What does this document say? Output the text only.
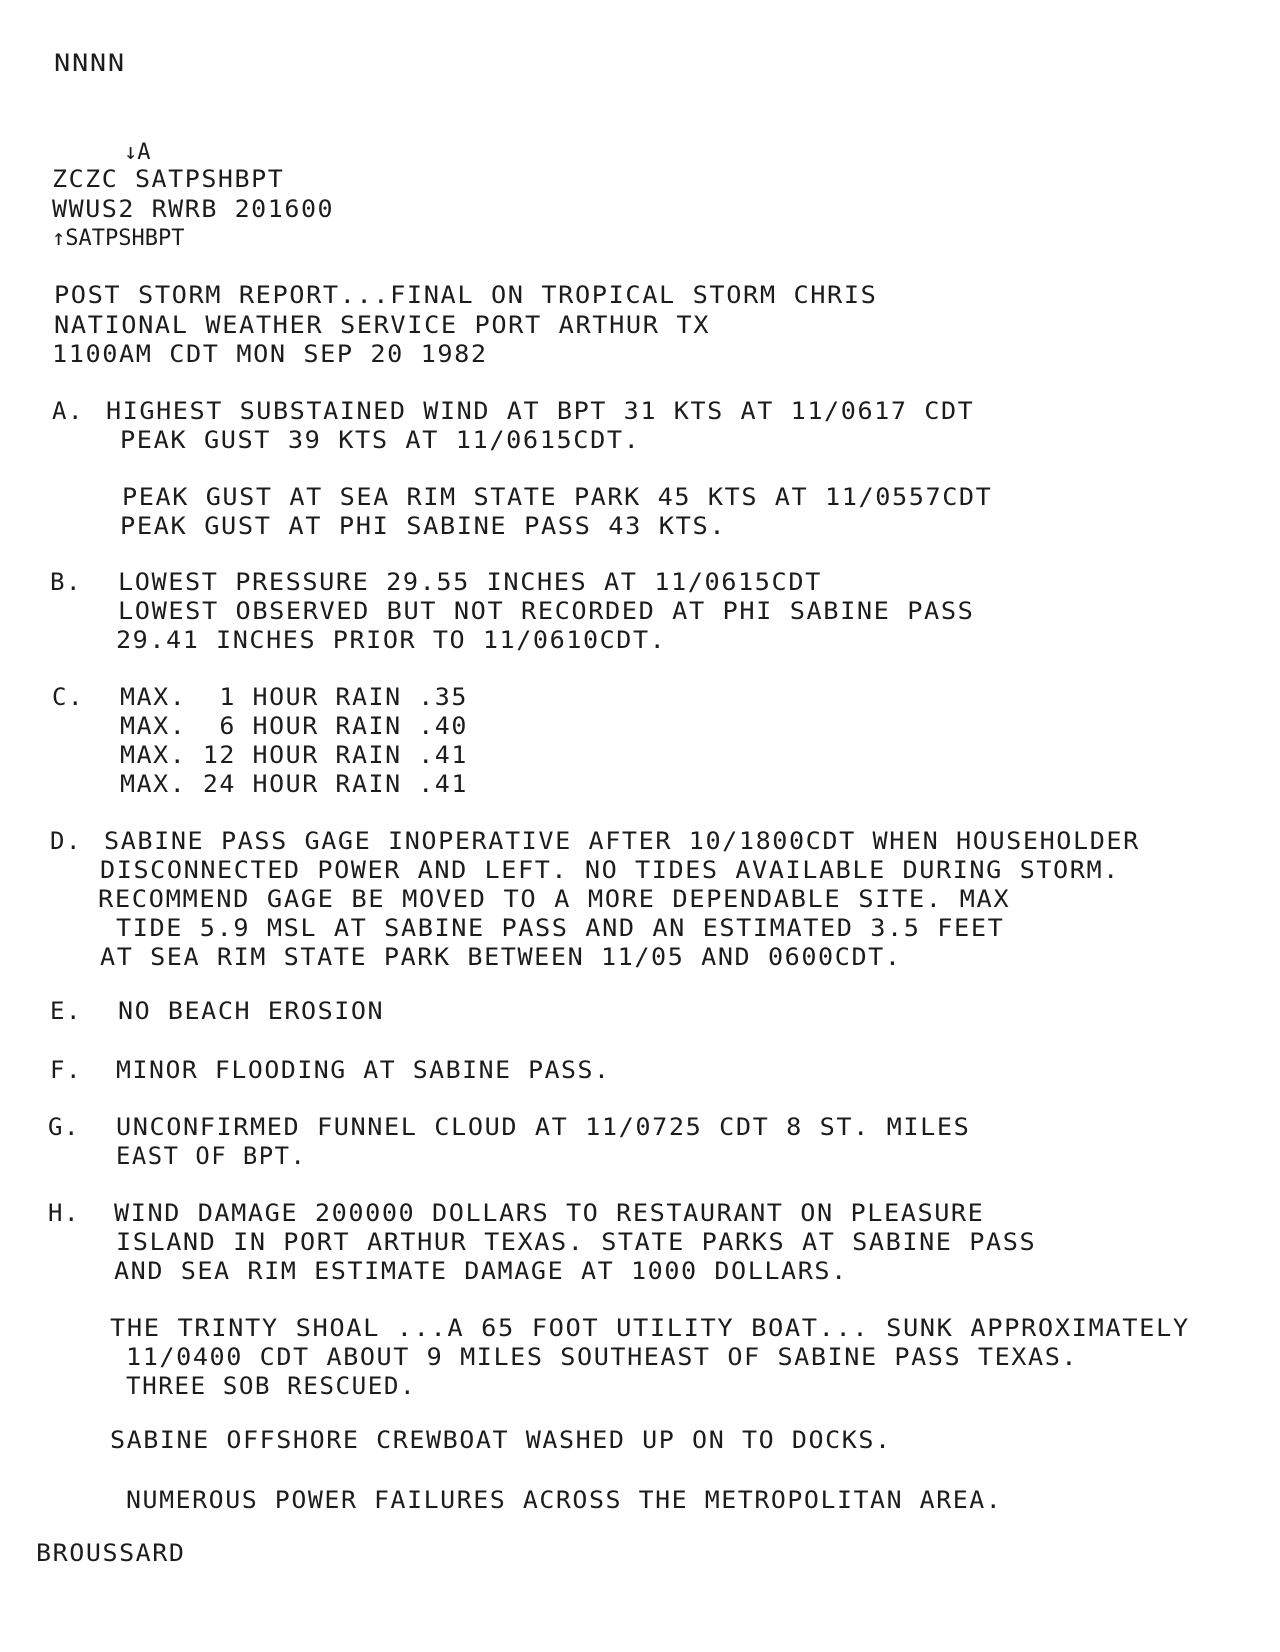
NNNN
↓A
ZCZC SATPSHBPT
WWUS2 RWRB 201600
↑SATPSHBPT
POST STORM REPORT...FINAL ON TROPICAL STORM CHRIS
NATIONAL WEATHER SERVICE PORT ARTHUR TX
1100AM CDT MON SEP 20 1982
A. HIGHEST SUBSTAINED WIND AT BPT 31 KTS AT 11/0617 CDT
PEAK GUST 39 KTS AT 11/0615CDT.
PEAK GUST AT SEA RIM STATE PARK 45 KTS AT 11/0557CDT
PEAK GUST AT PHI SABINE PASS 43 KTS.
B. LOWEST PRESSURE 29.55 INCHES AT 11/0615CDT
LOWEST OBSERVED BUT NOT RECORDED AT PHI SABINE PASS
29.41 INCHES PRIOR TO 11/0610CDT.
C. MAX.  1 HOUR RAIN .35
MAX.  6 HOUR RAIN .40
MAX. 12 HOUR RAIN .41
MAX. 24 HOUR RAIN .41
D. SABINE PASS GAGE INOPERATIVE AFTER 10/1800CDT WHEN HOUSEHOLDER
DISCONNECTED POWER AND LEFT. NO TIDES AVAILABLE DURING STORM.
RECOMMEND GAGE BE MOVED TO A MORE DEPENDABLE SITE. MAX
TIDE 5.9 MSL AT SABINE PASS AND AN ESTIMATED 3.5 FEET
AT SEA RIM STATE PARK BETWEEN 11/05 AND 0600CDT.
E. NO BEACH EROSION
F. MINOR FLOODING AT SABINE PASS.
G. UNCONFIRMED FUNNEL CLOUD AT 11/0725 CDT 8 ST. MILES
EAST OF BPT.
H. WIND DAMAGE 200000 DOLLARS TO RESTAURANT ON PLEASURE
ISLAND IN PORT ARTHUR TEXAS. STATE PARKS AT SABINE PASS
AND SEA RIM ESTIMATE DAMAGE AT 1000 DOLLARS.
THE TRINTY SHOAL ...A 65 FOOT UTILITY BOAT... SUNK APPROXIMATELY
11/0400 CDT ABOUT 9 MILES SOUTHEAST OF SABINE PASS TEXAS.
THREE SOB RESCUED.
SABINE OFFSHORE CREWBOAT WASHED UP ON TO DOCKS.
NUMEROUS POWER FAILURES ACROSS THE METROPOLITAN AREA.
BROUSSARD
